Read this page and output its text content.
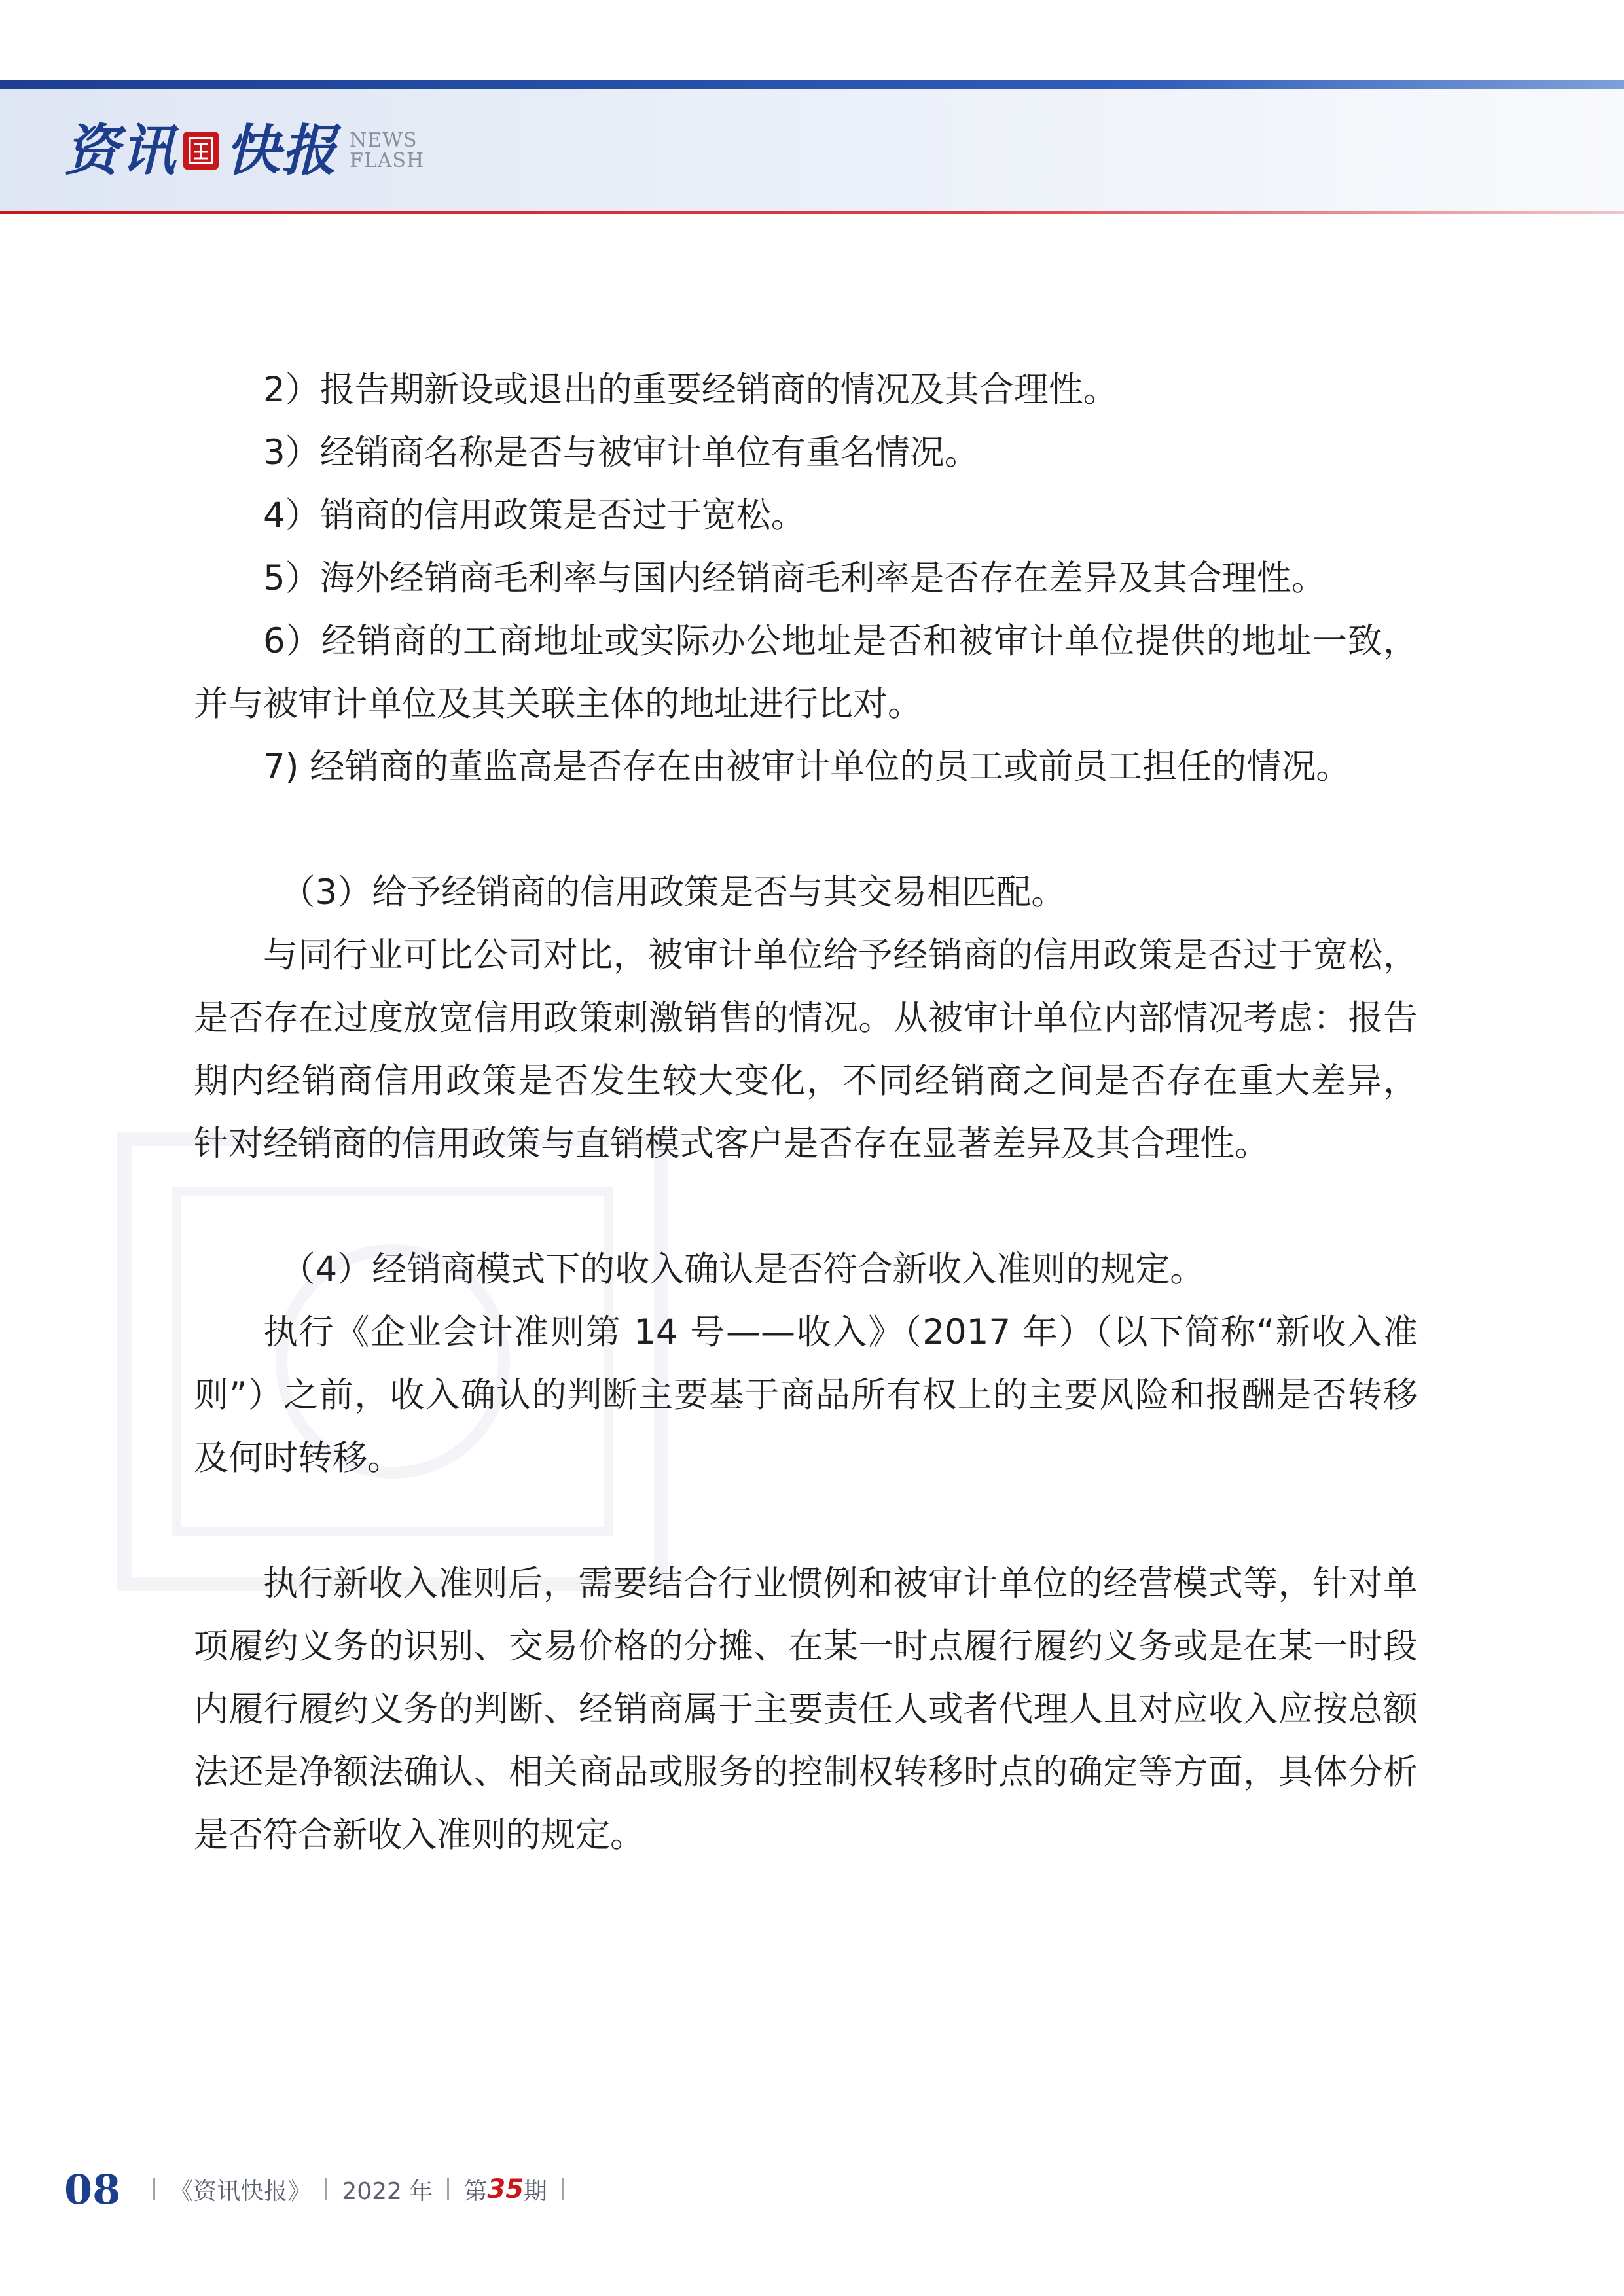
资讯 快报 NEWS
FLASH

2）报告期新设或退出的重要经销商的情况及其合理性。

3）经销商名称是否与被审计单位有重名情况。

4）销商的信用政策是否过于宽松。

5）海外经销商毛利率与国内经销商毛利率是否存在差异及其合理性。

6）经销商的工商地址或实际办公地址是否和被审计单位提供的地址一致，并与被审计单位及其关联主体的地址进行比对。

7) 经销商的董监高是否存在由被审计单位的员工或前员工担任的情况。

（3）给予经销商的信用政策是否与其交易相匹配。

与同行业可比公司对比，被审计单位给予经销商的信用政策是否过于宽松，是否存在过度放宽信用政策刺激销售的情况。从被审计单位内部情况考虑：报告期内经销商信用政策是否发生较大变化，不同经销商之间是否存在重大差异， 针对经销商的信用政策与直销模式客户是否存在显著差异及其合理性。

（4）经销商模式下的收入确认是否符合新收入准则的规定。

执行《企业会计准则第 14 号——收入》（2017 年）（以下简称“新收入准则”）之前，收入确认的判断主要基于商品所有权上的主要风险和报酬是否转移及何时转移。

执行新收入准则后，需要结合行业惯例和被审计单位的经营模式等，针对单项履约义务的识别、交易价格的分摊、在某一时点履行履约义务或是在某一时段内履行履约义务的判断、经销商属于主要责任人或者代理人且对应收入应按总额法还是净额法确认、相关商品或服务的控制权转移时点的确定等方面，具体分析是否符合新收入准则的规定。

08 《资讯快报》 2022 年 第 35 期
